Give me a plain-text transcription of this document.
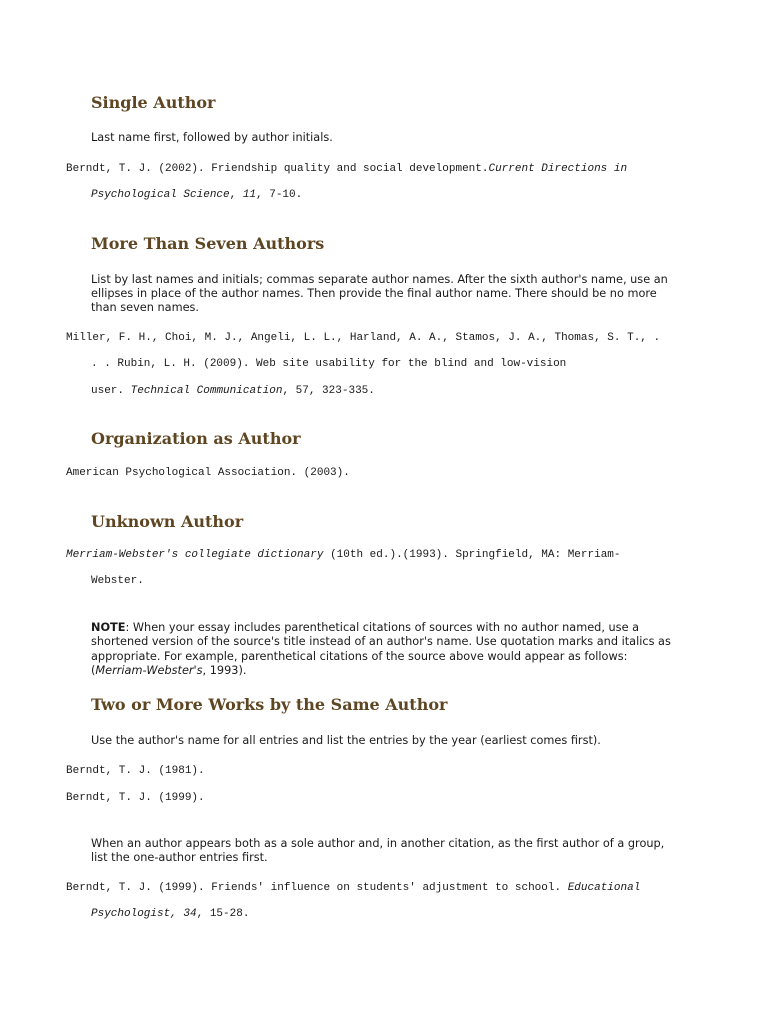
Single Author

Last name first, followed by author initials.

Berndt, T. J. (2002). Friendship quality and social development.Current Directions in

Psychological Science, 11, 7-10.

More Than Seven Authors

List by last names and initials; commas separate author names. After the sixth author's name, use an

ellipses in place of the author names. Then provide the final author name. There should be no more

than seven names.

Miller, F. H., Choi, M. J., Angeli, L. L., Harland, A. A., Stamos, J. A., Thomas, S. T., .

. . Rubin, L. H. (2009). Web site usability for the blind and low-vision

user. Technical Communication, 57, 323-335.

Organization as Author

American Psychological Association. (2003).

Unknown Author

Merriam-Webster's collegiate dictionary (10th ed.).(1993). Springfield, MA: Merriam-

Webster.

NOTE: When your essay includes parenthetical citations of sources with no author named, use a

shortened version of the source's title instead of an author's name. Use quotation marks and italics as

appropriate. For example, parenthetical citations of the source above would appear as follows:

(Merriam-Webster's, 1993).

Two or More Works by the Same Author

Use the author's name for all entries and list the entries by the year (earliest comes first).

Berndt, T. J. (1981).

Berndt, T. J. (1999).

When an author appears both as a sole author and, in another citation, as the first author of a group,

list the one-author entries first.

Berndt, T. J. (1999). Friends' influence on students' adjustment to school. Educational

Psychologist, 34, 15-28.
